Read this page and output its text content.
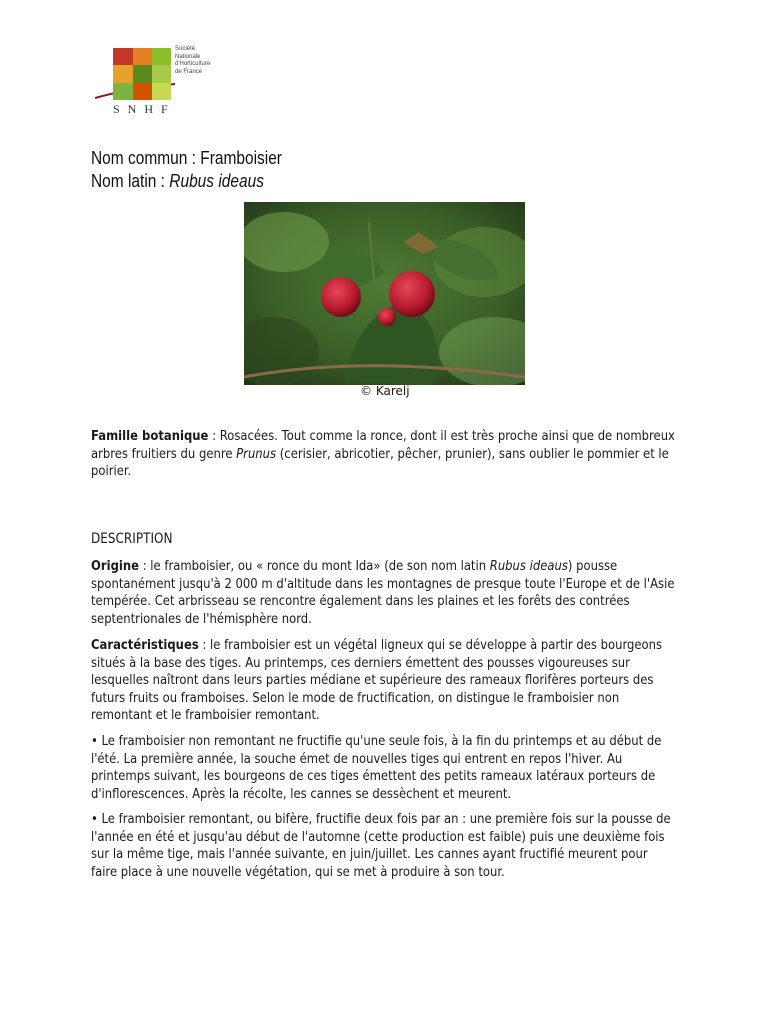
Société
Nationale
d'Horticulture
de France
SNHF
Nom commun : Framboisier
Nom latin : Rubus ideaus
© Karelj
Famille botanique : Rosacées. Tout comme la ronce, dont il est très proche ainsi que de nombreux arbres fruitiers du genre Prunus (cerisier, abricotier, pêcher, prunier), sans oublier le pommier et le poirier.
DESCRIPTION
Origine : le framboisier, ou « ronce du mont Ida» (de son nom latin Rubus ideaus) pousse spontanément jusqu'à 2 000 m d'altitude dans les montagnes de presque toute l'Europe et de l'Asie tempérée. Cet arbrisseau se rencontre également dans les plaines et les forêts des contrées septentrionales de l'hémisphère nord.
Caractéristiques : le framboisier est un végétal ligneux qui se développe à partir des bourgeons situés à la base des tiges. Au printemps, ces derniers émettent des pousses vigoureuses sur lesquelles naîtront dans leurs parties médiane et supérieure des rameaux florifères porteurs des futurs fruits ou framboises. Selon le mode de fructification, on distingue le framboisier non remontant et le framboisier remontant.
• Le framboisier non remontant ne fructifie qu'une seule fois, à la fin du printemps et au début de l'été. La première année, la souche émet de nouvelles tiges qui entrent en repos l'hiver. Au printemps suivant, les bourgeons de ces tiges émettent des petits rameaux latéraux porteurs de d'inflorescences. Après la récolte, les cannes se dessèchent et meurent.
• Le framboisier remontant, ou bifère, fructifie deux fois par an : une première fois sur la pousse de l'année en été et jusqu'au début de l'automne (cette production est faible) puis une deuxième fois sur la même tige, mais l'année suivante, en juin/juillet. Les cannes ayant fructifié meurent pour faire place à une nouvelle végétation, qui se met à produire à son tour.
